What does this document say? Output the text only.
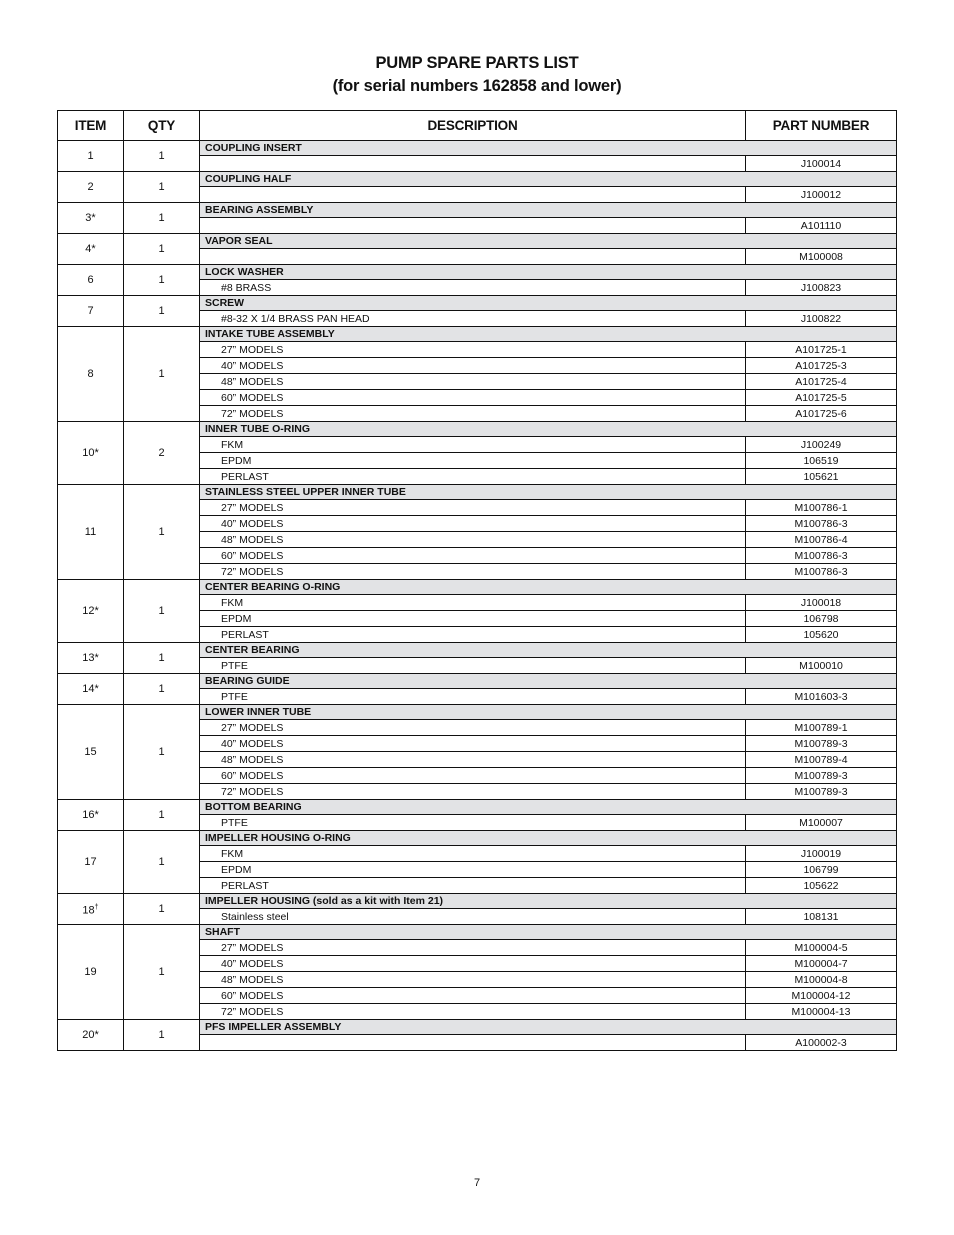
PUMP SPARE PARTS LIST
(for serial numbers 162858 and lower)
ITEM	QTY	DESCRIPTION	PART NUMBER
1	1	COUPLING INSERT	
			J100014
2	1	COUPLING HALF	
			J100012
3*	1	BEARING ASSEMBLY	
			A101110
4*	1	VAPOR SEAL	
			M100008
6	1	LOCK WASHER	
		#8 BRASS	J100823
7	1	SCREW	
		#8-32 X 1/4 BRASS PAN HEAD	J100822
8	1	INTAKE TUBE ASSEMBLY	
		27” MODELS	A101725-1
		40” MODELS	A101725-3
		48” MODELS	A101725-4
		60” MODELS	A101725-5
		72” MODELS	A101725-6
10*	2	INNER TUBE O-RING	
		FKM	J100249
		EPDM	106519
		PERLAST	105621
11	1	STAINLESS STEEL UPPER INNER TUBE	
		27” MODELS	M100786-1
		40” MODELS	M100786-3
		48” MODELS	M100786-4
		60” MODELS	M100786-3
		72” MODELS	M100786-3
12*	1	CENTER BEARING O-RING	
		FKM	J100018
		EPDM	106798
		PERLAST	105620
13*	1	CENTER BEARING	
		PTFE	M100010
14*	1	BEARING GUIDE	
		PTFE	M101603-3
15	1	LOWER INNER TUBE	
		27” MODELS	M100789-1
		40” MODELS	M100789-3
		48” MODELS	M100789-4
		60” MODELS	M100789-3
		72” MODELS	M100789-3
16*	1	BOTTOM BEARING	
		PTFE	M100007
17	1	IMPELLER HOUSING O-RING	
		FKM	J100019
		EPDM	106799
		PERLAST	105622
18†	1	IMPELLER HOUSING (sold as a kit with Item 21)	
		Stainless steel	108131
19	1	SHAFT	
		27” MODELS	M100004-5
		40” MODELS	M100004-7
		48” MODELS	M100004-8
		60” MODELS	M100004-12
		72” MODELS	M100004-13
20*	1	PFS IMPELLER ASSEMBLY	
			A100002-3
7
